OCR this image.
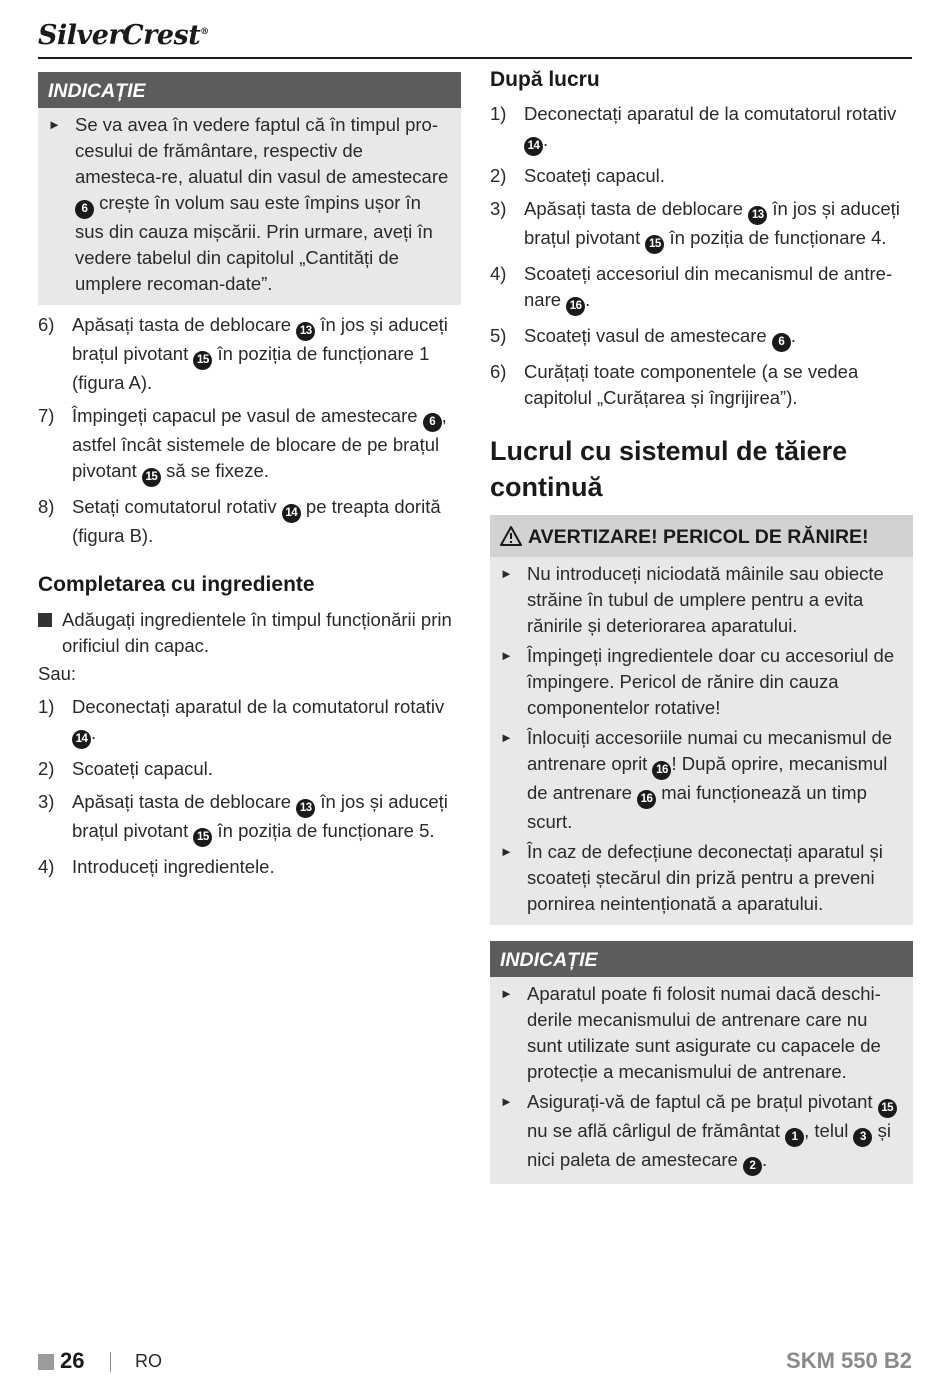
SilverCrest®
INDICAȚIE
► Se va avea în vedere faptul că în timpul pro-cesului de frământare, respectiv de amesteca-re, aluatul din vasul de amestecare 6 crește în volum sau este împins ușor în sus din cauza mișcării. Prin urmare, aveți în vedere tabelul din capitolul „Cantități de umplere recoman-date”.
6) Apăsați tasta de deblocare 13 în jos și aduceți brațul pivotant 15 în poziția de funcționare 1 (figura A).
7) Împingeți capacul pe vasul de amestecare 6 , astfel încât sistemele de blocare de pe brațul pivotant 15 să se fixeze.
8) Setați comutatorul rotativ 14 pe treapta dorită (figura B).
Completarea cu ingrediente
Adăugați ingredientele în timpul funcționării prin orificiul din capac.
Sau:
1) Deconectați aparatul de la comutatorul rotativ 14 .
2) Scoateți capacul.
3) Apăsați tasta de deblocare 13 în jos și aduceți brațul pivotant 15 în poziția de funcționare 5.
4) Introduceți ingredientele.
După lucru
1) Deconectați aparatul de la comutatorul rotativ 14 .
2) Scoateți capacul.
3) Apăsați tasta de deblocare 13 în jos și aduceți brațul pivotant 15 în poziția de funcționare 4.
4) Scoateți accesoriul din mecanismul de antre-nare 16 .
5) Scoateți vasul de amestecare 6 .
6) Curățați toate componentele (a se vedea capitolul „Curățarea și îngrijirea”).
Lucrul cu sistemul de tăiere continuă
AVERTIZARE! PERICOL DE RĂNIRE!
► Nu introduceți niciodată mâinile sau obiecte străine în tubul de umplere pentru a evita rănirile și deteriorarea aparatului.
► Împingeți ingredientele doar cu accesoriul de împingere. Pericol de rănire din cauza componentelor rotative!
► Înlocuiți accesoriile numai cu mecanismul de antrenare oprit 16 ! După oprire, mecanismul de antrenare 16 mai funcționează un timp scurt.
► În caz de defecțiune deconectați aparatul și scoateți ștecărul din priză pentru a preveni pornirea neintenționată a aparatului.
INDICAȚIE
► Aparatul poate fi folosit numai dacă deschi-derile mecanismului de antrenare care nu sunt utilizate sunt asigurate cu capacele de protecție a mecanismului de antrenare.
► Asigurați-vă de faptul că pe brațul pivotant 15 nu se află cârligul de frământat 1 , telul 3 și nici paleta de amestecare 2 .
26	RO	SKM 550 B2
